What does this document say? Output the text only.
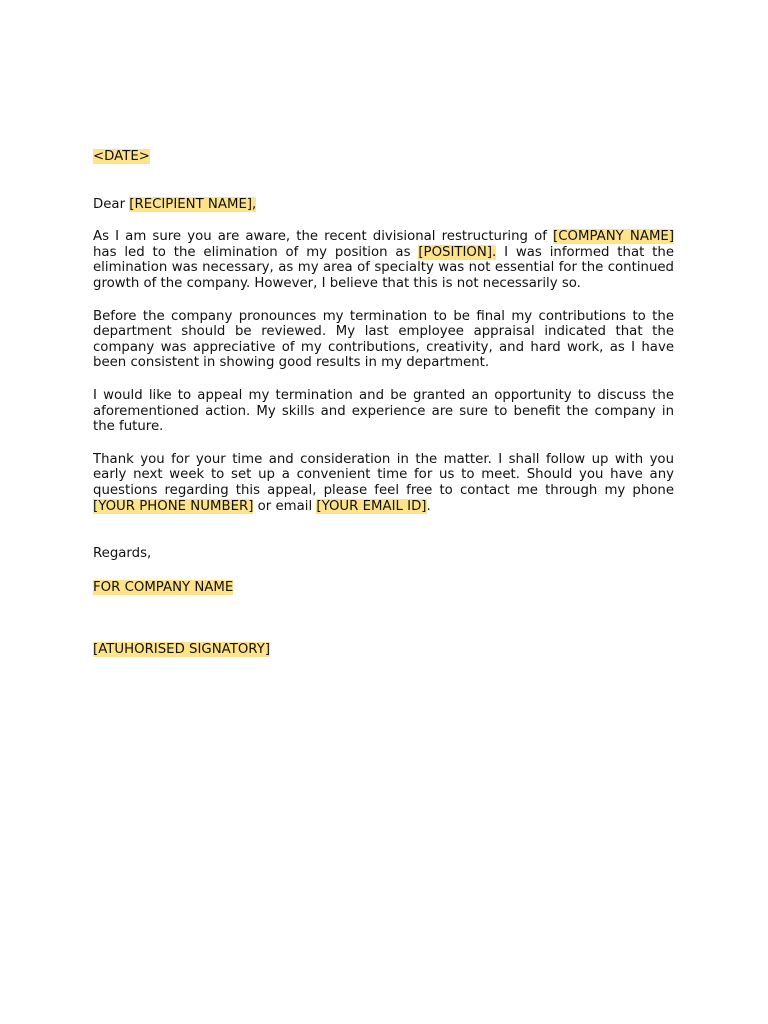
<DATE>

Dear [RECIPIENT NAME],

As I am sure you are aware, the recent divisional restructuring of [COMPANY NAME] has led to the elimination of my position as [POSITION]. I was informed that the elimination was necessary, as my area of specialty was not essential for the continued growth of the company. However, I believe that this is not necessarily so.

Before the company pronounces my termination to be final my contributions to the department should be reviewed. My last employee appraisal indicated that the company was appreciative of my contributions, creativity, and hard work, as I have been consistent in showing good results in my department.

I would like to appeal my termination and be granted an opportunity to discuss the aforementioned action. My skills and experience are sure to benefit the company in the future.

Thank you for your time and consideration in the matter. I shall follow up with you early next week to set up a convenient time for us to meet. Should you have any questions regarding this appeal, please feel free to contact me through my phone [YOUR PHONE NUMBER] or email [YOUR EMAIL ID].

Regards,

FOR COMPANY NAME

[ATUHORISED SIGNATORY]
